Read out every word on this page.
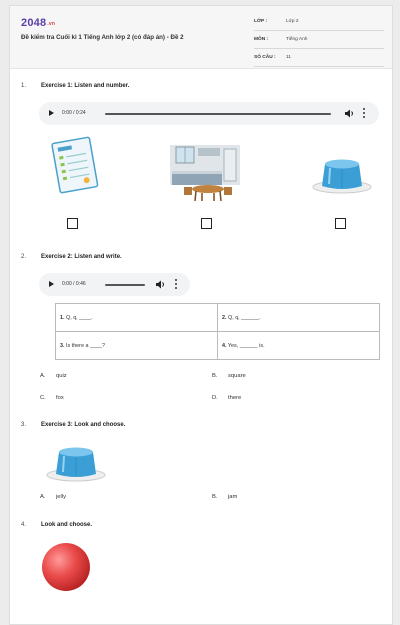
2048.vn
Đề kiểm tra Cuối kì 1 Tiếng Anh lớp 2 (có đáp án) - Đề 2
LỚP :	Lớp 2
MÔN :	Tiếng Anh
SỐ CÂU : 11
1. Exercise 1: Listen and number.
0:00 / 0:24
2. Exercise 2: Listen and write.
0:00 / 0:46
1. Q, q, ____.	2. Q, q, ______.
3. Is there a ____?	4. Yes, ______ is.
A. quiz	B. square
C. fox	D. there
3. Exercise 3: Look and choose.
A. jelly	B. jam
4. Look and choose.
